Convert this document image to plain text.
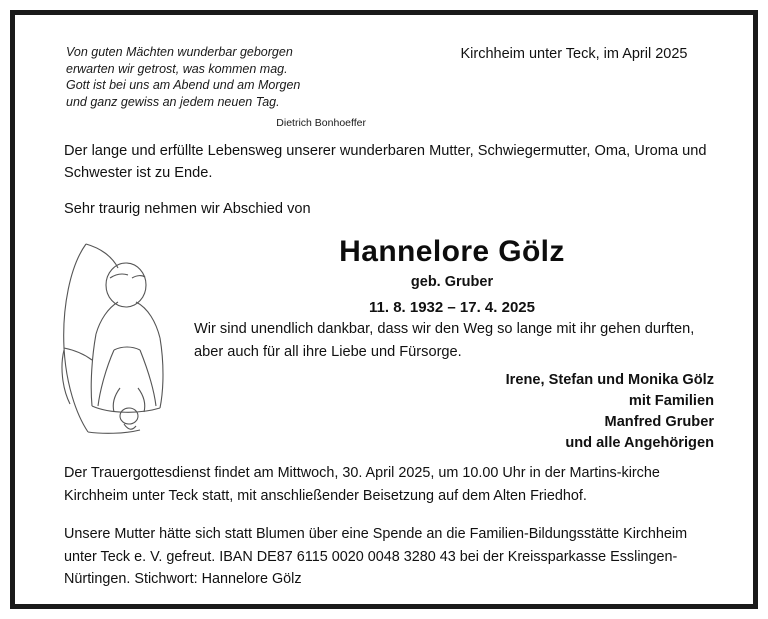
Von guten Mächten wunderbar geborgen
erwarten wir getrost, was kommen mag.
Gott ist bei uns am Abend und am Morgen
und ganz gewiss an jedem neuen Tag.
Dietrich Bonhoeffer
Kirchheim unter Teck, im April 2025

Der lange und erfüllte Lebensweg unserer wunderbaren Mutter, Schwiegermutter, Oma, Uroma und Schwester ist zu Ende.

Sehr traurig nehmen wir Abschied von

Hannelore Gölz
geb. Gruber
11. 8. 1932 – 17. 4. 2025
Wir sind unendlich dankbar, dass wir den Weg so lange mit ihr gehen durften, aber auch für all ihre Liebe und Fürsorge.
Irene, Stefan und Monika Gölz
mit Familien
Manfred Gruber
und alle Angehörigen

Der Trauergottesdienst findet am Mittwoch, 30. April 2025, um 10.00 Uhr in der Martins-kirche Kirchheim unter Teck statt, mit anschließender Beisetzung auf dem Alten Friedhof.

Unsere Mutter hätte sich statt Blumen über eine Spende an die Familien-Bildungsstätte Kirchheim unter Teck e. V. gefreut. IBAN DE87 6115 0020 0048 3280 43 bei der Kreissparkasse Esslingen-Nürtingen. Stichwort: Hannelore Gölz
